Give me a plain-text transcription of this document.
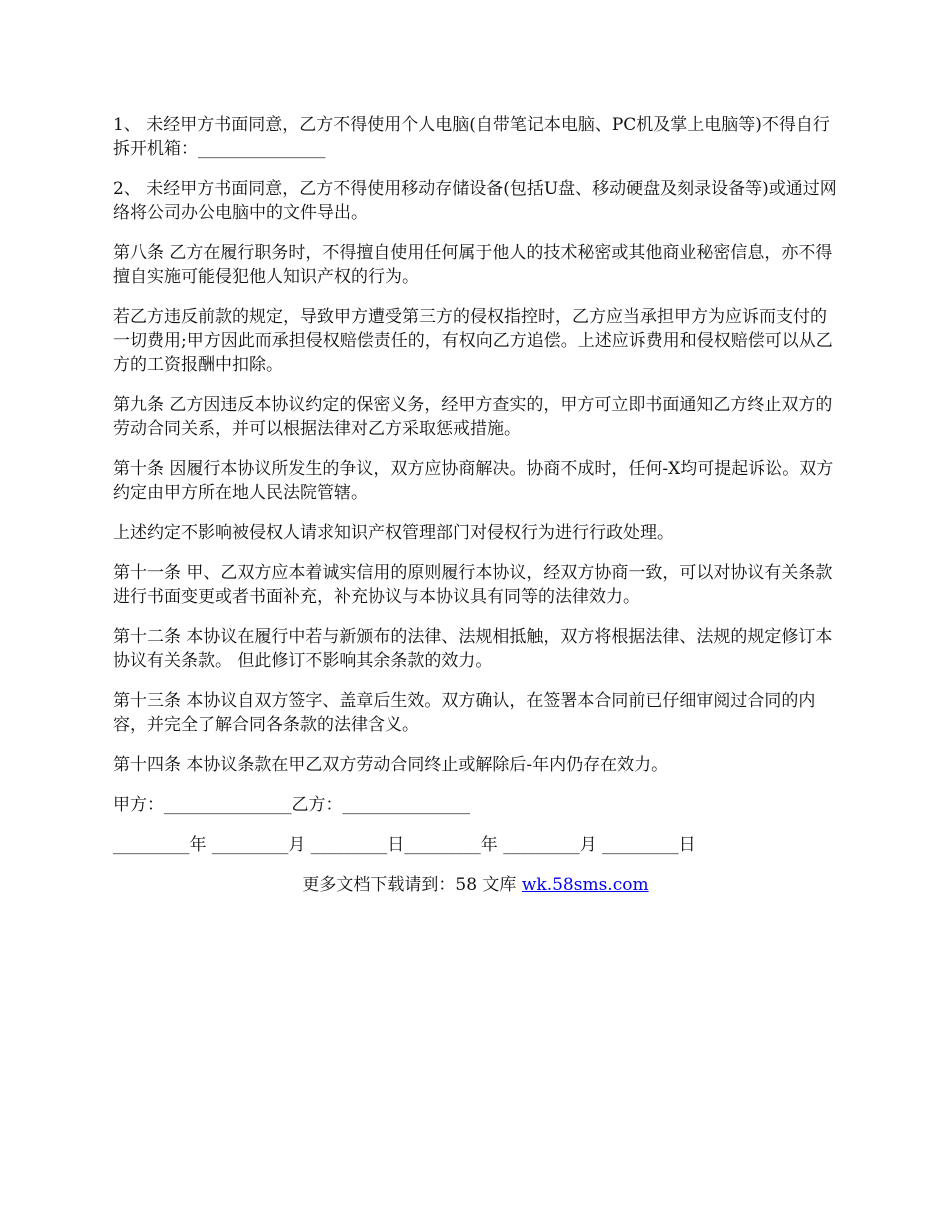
1、 未经甲方书面同意，乙方不得使用个人电脑(自带笔记本电脑、PC机及掌上电脑等)不得自行拆开机箱：_______________

2、 未经甲方书面同意，乙方不得使用移动存储设备(包括U盘、移动硬盘及刻录设备等)或通过网络将公司办公电脑中的文件导出。

第八条 乙方在履行职务时，不得擅自使用任何属于他人的技术秘密或其他商业秘密信息，亦不得擅自实施可能侵犯他人知识产权的行为。

若乙方违反前款的规定，导致甲方遭受第三方的侵权指控时，乙方应当承担甲方为应诉而支付的一切费用;甲方因此而承担侵权赔偿责任的，有权向乙方追偿。上述应诉费用和侵权赔偿可以从乙方的工资报酬中扣除。

第九条 乙方因违反本协议约定的保密义务，经甲方查实的，甲方可立即书面通知乙方终止双方的劳动合同关系，并可以根据法律对乙方采取惩戒措施。

第十条 因履行本协议所发生的争议，双方应协商解决。协商不成时，任何-X均可提起诉讼。双方约定由甲方所在地人民法院管辖。

上述约定不影响被侵权人请求知识产权管理部门对侵权行为进行行政处理。

第十一条 甲、乙双方应本着诚实信用的原则履行本协议，经双方协商一致，可以对协议有关条款进行书面变更或者书面补充，补充协议与本协议具有同等的法律效力。

第十二条 本协议在履行中若与新颁布的法律、法规相抵触，双方将根据法律、法规的规定修订本协议有关条款。 但此修订不影响其余条款的效力。

第十三条 本协议自双方签字、盖章后生效。双方确认，在签署本合同前已仔细审阅过合同的内容，并完全了解合同各条款的法律含义。

第十四条 本协议条款在甲乙双方劳动合同终止或解除后-年内仍存在效力。

甲方：_______________乙方：_______________

_________年 _________月 _________日_________年 _________月 _________日

更多文档下载请到：58 文库 wk.58sms.com
